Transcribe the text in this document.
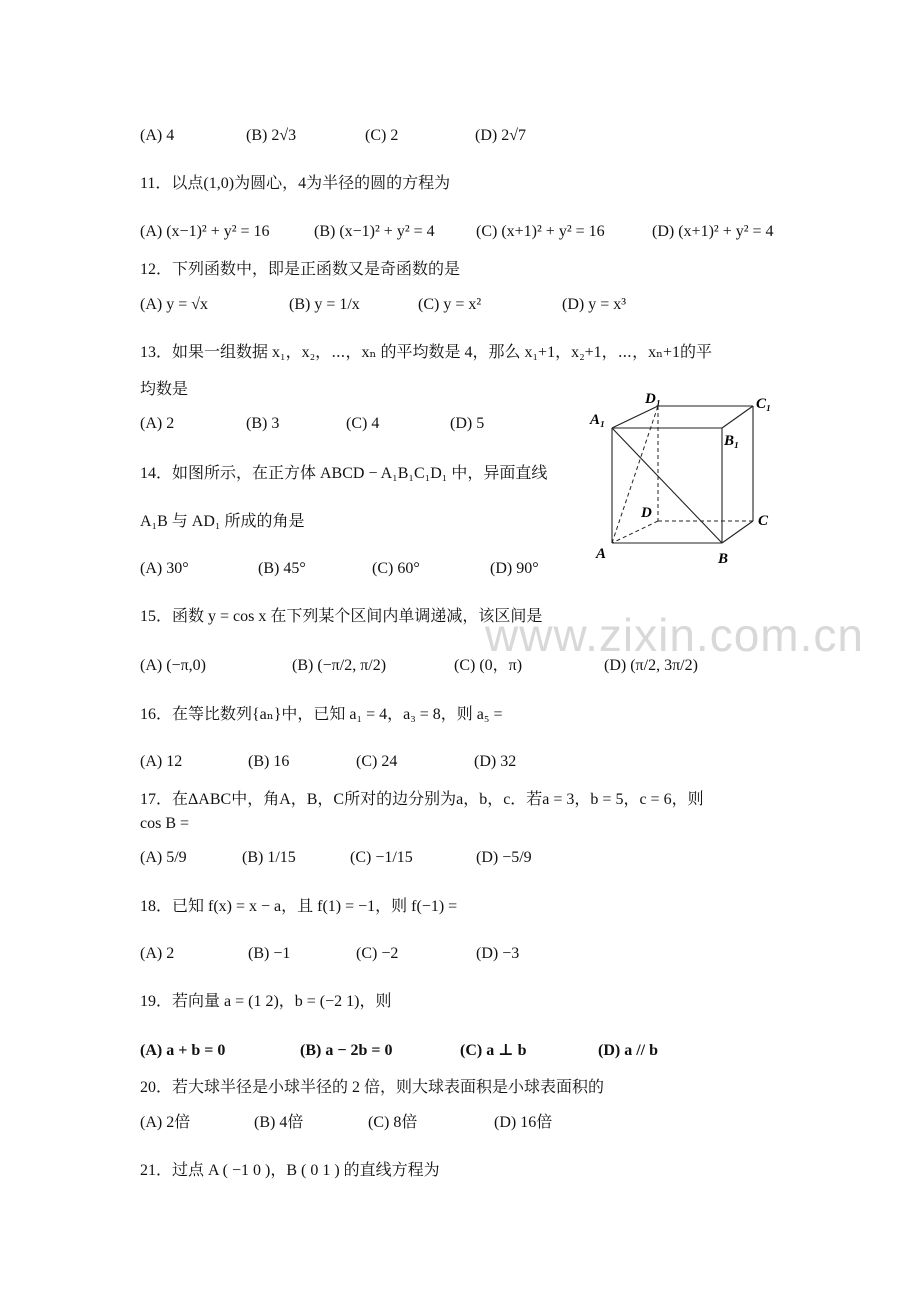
www.zixin.com.cn
(A) 4	(B) 2√3	(C) 2	(D) 2√7
11．以点(1,0)为圆心，4为半径的圆的方程为
(A) (x−1)² + y² = 16	(B) (x−1)² + y² = 4	(C) (x+1)² + y² = 16	(D) (x+1)² + y² = 4
12．下列函数中，即是正函数又是奇函数的是
(A) y = √x	(B) y = 1/x	(C) y = x²	(D) y = x³
13．如果一组数据 x₁，x₂，⋯，xₙ 的平均数是 4，那么 x₁+1，x₂+1，⋯，xₙ+1的平
均数是
(A) 2	(B) 3	(C) 4	(D) 5
14．如图所示，在正方体 ABCD − A₁B₁C₁D₁ 中，异面直线
A₁B 与 AD₁ 所成的角是
(A) 30°	(B) 45°	(C) 60°	(D) 90°
A₁
D₁	C₁
B₁
D	C
A	B
15．函数 y = cos x 在下列某个区间内单调递减，该区间是
(A) (−π,0)	(B) (−π/2, π/2)	(C) (0，π)	(D) (π/2, 3π/2)
16．在等比数列{aₙ}中，已知 a₁ = 4，a₃ = 8，则 a₅ =
(A) 12	(B) 16	(C) 24	(D) 32
17．在ΔABC中，角A，B，C所对的边分别为a，b，c．若a = 3，b = 5，c = 6，则
cos B =
(A) 5/9	(B) 1/15	(C) −1/15	(D) −5/9
18．已知 f(x) = x − a，且 f(1) = −1，则 f(−1) =
(A) 2	(B) −1	(C) −2	(D) −3
19．若向量 a = (1 2)，b = (−2 1)，则
(A) a + b = 0	(B) a − 2b = 0	(C) a ⊥ b	(D) a // b
20．若大球半径是小球半径的 2 倍，则大球表面积是小球表面积的
(A) 2倍	(B) 4倍	(C) 8倍	(D) 16倍
21．过点 A ( −1 0 )，B ( 0 1 ) 的直线方程为
